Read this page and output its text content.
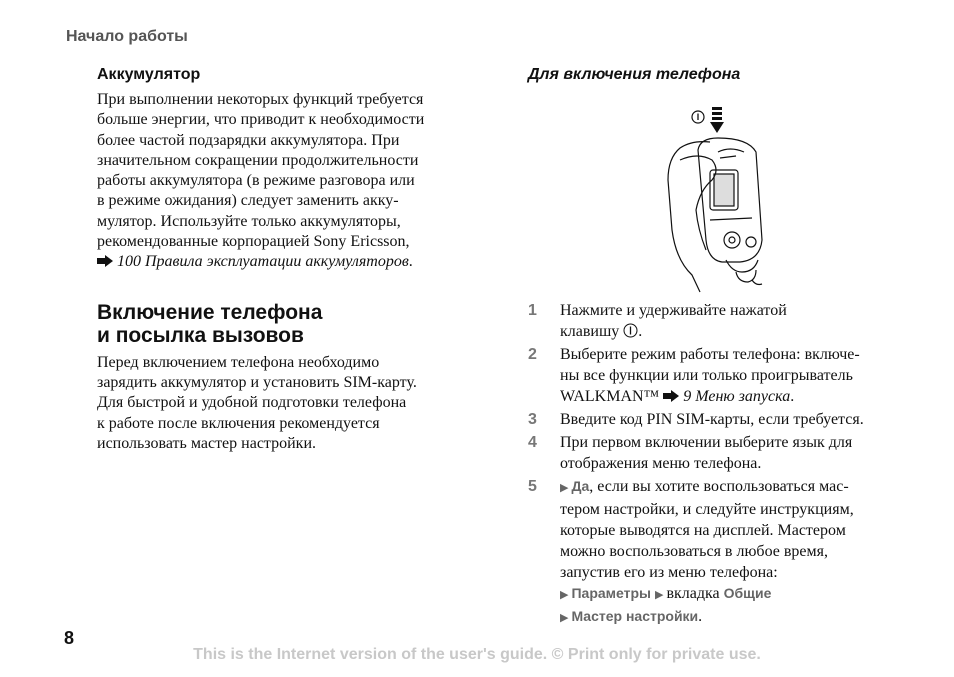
Начало работы
Аккумулятор

При выполнении некоторых функций требуется
больше энергии, что приводит к необходимости
более частой подзарядки аккумулятора. При
значительном сокращении продолжительности
работы аккумулятора (в режиме разговора или
в режиме ожидания) следует заменить акку-
мулятор. Используйте только аккумуляторы,
рекомендованные корпорацией Sony Ericsson,
100 Правила эксплуатации аккумуляторов.

Включение телефона
и посылка вызовов

Перед включением телефона необходимо
зарядить аккумулятор и установить SIM-карту.
Для быстрой и удобной подготовки телефона
к работе после включения рекомендуется
использовать мастер настройки.

Для включения телефона
1	Нажмите и удерживайте нажатой
клавишу .
2	Выберите режим работы телефона: включе-
ны все функции или только проигрыватель
WALKMAN™ 9 Меню запуска.
3	Введите код PIN SIM-карты, если требуется.
4	При первом включении выберите язык для
отображения меню телефона.
5	▶ Да, если вы хотите воспользоваться мас-
тером настройки, и следуйте инструкциям,
которые выводятся на дисплей. Мастером
можно воспользоваться в любое время,
запустив его из меню телефона:
▶ Параметры ▶ вкладка Общие
▶ Мастер настройки.
8
This is the Internet version of the user's guide. © Print only for private use.
